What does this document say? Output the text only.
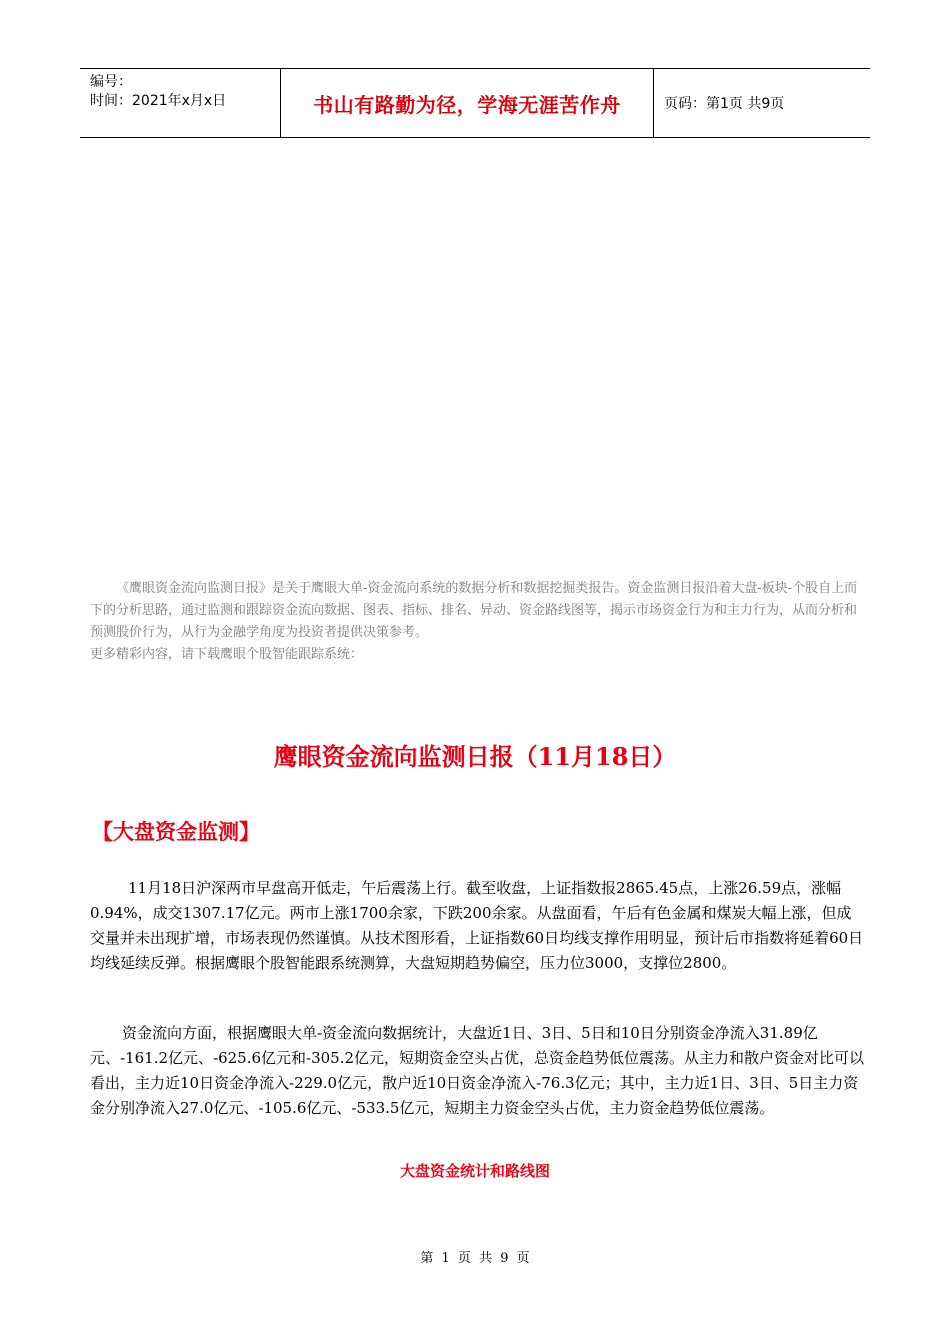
编号：
时间：2021年x月x日	书山有路勤为径，学海无涯苦作舟	页码：第1页 共9页

《鹰眼资金流向监测日报》是关于鹰眼大单-资金流向系统的数据分析和数据挖掘类报告。资金监测日报沿着大盘-板块-个股自上而下的分析思路，通过监测和跟踪资金流向数据、图表、指标、排名、异动、资金路线图等，揭示市场资金行为和主力行为，从而分析和预测股价行为，从行为金融学角度为投资者提供决策参考。

更多精彩内容，请下载鹰眼个股智能跟踪系统：

鹰眼资金流向监测日报（11月18日）
【大盘资金监测】

11月18日沪深两市早盘高开低走，午后震荡上行。截至收盘，上证指数报2865.45点，上涨26.59点，涨幅0.94%，成交1307.17亿元。两市上涨1700余家，下跌200余家。从盘面看，午后有色金属和煤炭大幅上涨，但成交量并未出现扩增，市场表现仍然谨慎。从技术图形看，上证指数60日均线支撑作用明显，预计后市指数将延着60日均线延续反弹。根据鹰眼个股智能跟系统测算，大盘短期趋势偏空，压力位3000，支撑位2800。

资金流向方面，根据鹰眼大单-资金流向数据统计，大盘近1日、3日、5日和10日分别资金净流入31.89亿元、-161.2亿元、-625.6亿元和-305.2亿元，短期资金空头占优，总资金趋势低位震荡。从主力和散户资金对比可以看出，主力近10日资金净流入-229.0亿元，散户近10日资金净流入-76.3亿元；其中，主力近1日、3日、5日主力资金分别净流入27.0亿元、-105.6亿元、-533.5亿元，短期主力资金空头占优，主力资金趋势低位震荡。

大盘资金统计和路线图
第 1 页 共 9 页
